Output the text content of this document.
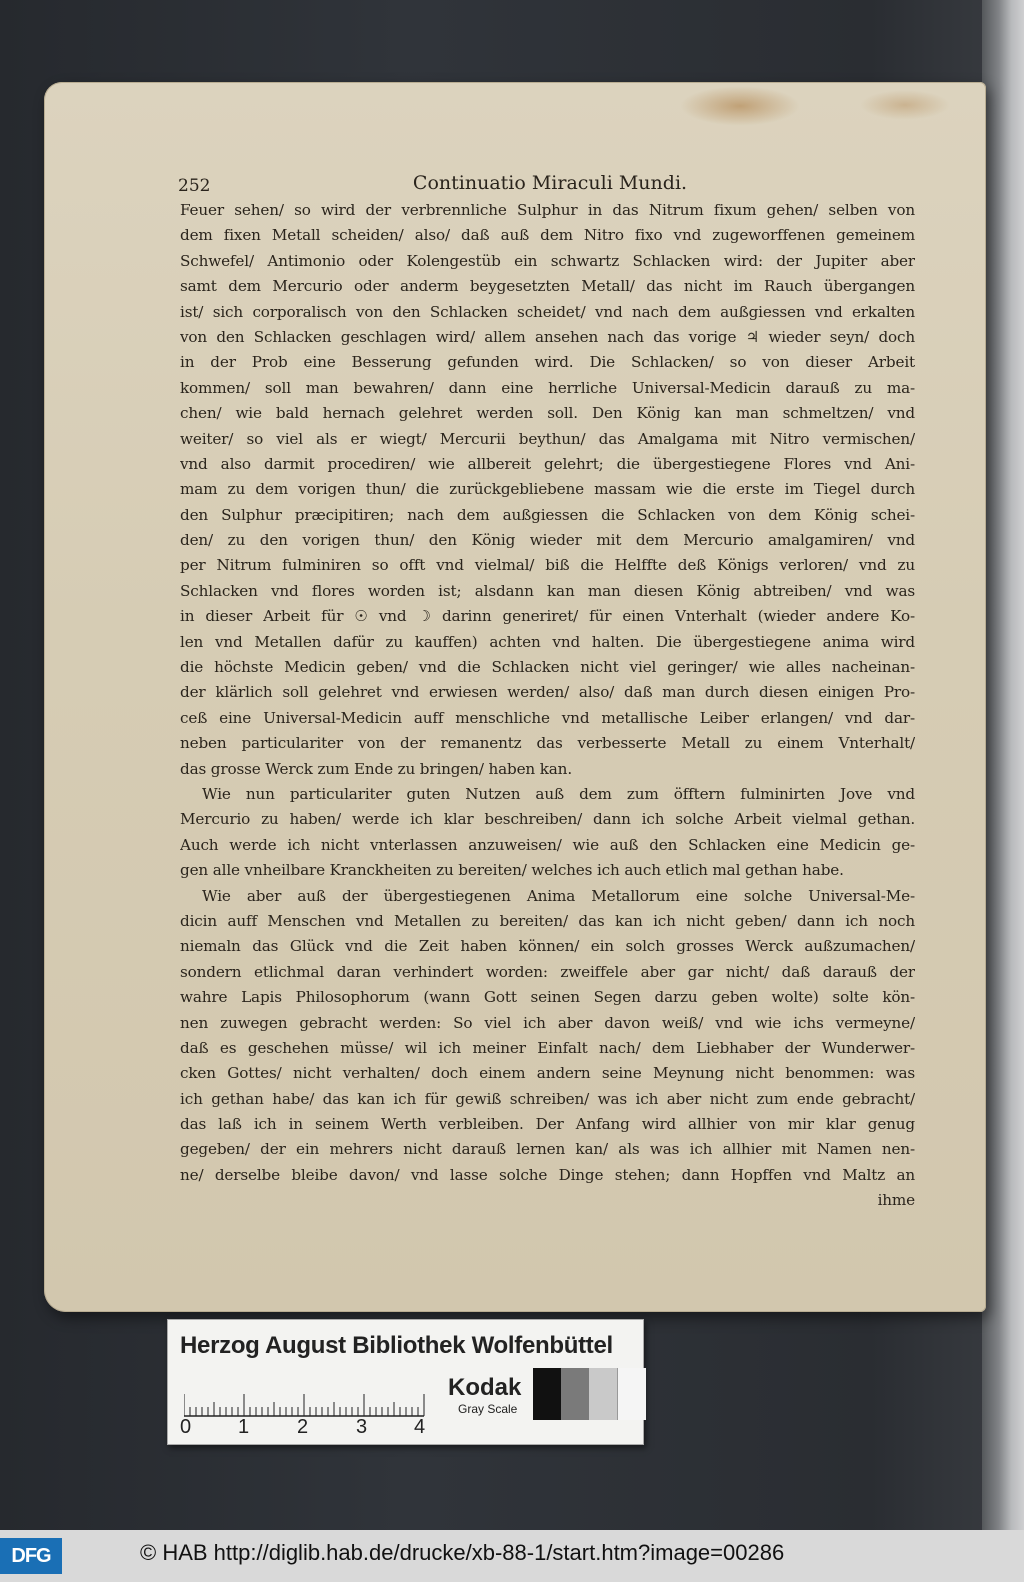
252	Continuatio Miraculi Mundi.
Feuer sehen/ so wird der verbrennliche Sulphur in das Nitrum fixum gehen/ selben von
dem fixen Metall scheiden/ also/ daß auß dem Nitro fixo vnd zugeworffenen gemeinem
Schwefel/ Antimonio oder Kolengestüb ein schwartz Schlacken wird: der Jupiter aber
samt dem Mercurio oder anderm beygesetzten Metall/ das nicht im Rauch übergangen
ist/ sich corporalisch von den Schlacken scheidet/ vnd nach dem außgiessen vnd erkalten
von den Schlacken geschlagen wird/ allem ansehen nach das vorige ♃ wieder seyn/ doch
in der Prob eine Besserung gefunden wird. Die Schlacken/ so von dieser Arbeit
kommen/ soll man bewahren/ dann eine herrliche Universal-Medicin darauß zu ma-
chen/ wie bald hernach gelehret werden soll. Den König kan man schmeltzen/ vnd
weiter/ so viel als er wiegt/ Mercurii beythun/ das Amalgama mit Nitro vermischen/
vnd also darmit procediren/ wie allbereit gelehrt; die übergestiegene Flores vnd Ani-
mam zu dem vorigen thun/ die zurückgebliebene massam wie die erste im Tiegel durch
den Sulphur præcipitiren; nach dem außgiessen die Schlacken von dem König schei-
den/ zu den vorigen thun/ den König wieder mit dem Mercurio amalgamiren/ vnd
per Nitrum fulminiren so offt vnd vielmal/ biß die Helffte deß Königs verloren/ vnd zu
Schlacken vnd flores worden ist; alsdann kan man diesen König abtreiben/ vnd was
in dieser Arbeit für ☉ vnd ☽ darinn generiret/ für einen Vnterhalt (wieder andere Ko-
len vnd Metallen dafür zu kauffen) achten vnd halten. Die übergestiegene anima wird
die höchste Medicin geben/ vnd die Schlacken nicht viel geringer/ wie alles nacheinan-
der klärlich soll gelehret vnd erwiesen werden/ also/ daß man durch diesen einigen Pro-
ceß eine Universal-Medicin auff menschliche vnd metallische Leiber erlangen/ vnd dar-
neben particulariter von der remanentz das verbesserte Metall zu einem Vnterhalt/
das grosse Werck zum Ende zu bringen/ haben kan.
Wie nun particulariter guten Nutzen auß dem zum öfftern fulminirten Jove vnd
Mercurio zu haben/ werde ich klar beschreiben/ dann ich solche Arbeit vielmal gethan.
Auch werde ich nicht vnterlassen anzuweisen/ wie auß den Schlacken eine Medicin ge-
gen alle vnheilbare Kranckheiten zu bereiten/ welches ich auch etlich mal gethan habe.
Wie aber auß der übergestiegenen Anima Metallorum eine solche Universal-Me-
dicin auff Menschen vnd Metallen zu bereiten/ das kan ich nicht geben/ dann ich noch
niemaln das Glück vnd die Zeit haben können/ ein solch grosses Werck außzumachen/
sondern etlichmal daran verhindert worden: zweiffele aber gar nicht/ daß darauß der
wahre Lapis Philosophorum (wann Gott seinen Segen darzu geben wolte) solte kön-
nen zuwegen gebracht werden: So viel ich aber davon weiß/ vnd wie ichs vermeyne/
daß es geschehen müsse/ wil ich meiner Einfalt nach/ dem Liebhaber der Wunderwer-
cken Gottes/ nicht verhalten/ doch einem andern seine Meynung nicht benommen: was
ich gethan habe/ das kan ich für gewiß schreiben/ was ich aber nicht zum ende gebracht/
das laß ich in seinem Werth verbleiben. Der Anfang wird allhier von mir klar genug
gegeben/ der ein mehrers nicht darauß lernen kan/ als was ich allhier mit Namen nen-
ne/ derselbe bleibe davon/ vnd lasse solche Dinge stehen; dann Hopffen vnd Maltz an
ihme
Herzog August Bibliothek Wolfenbüttel
0 1 2 3 4
Kodak
Gray Scale
DFG	© HAB http://diglib.hab.de/drucke/xb-88-1/start.htm?image=00286
